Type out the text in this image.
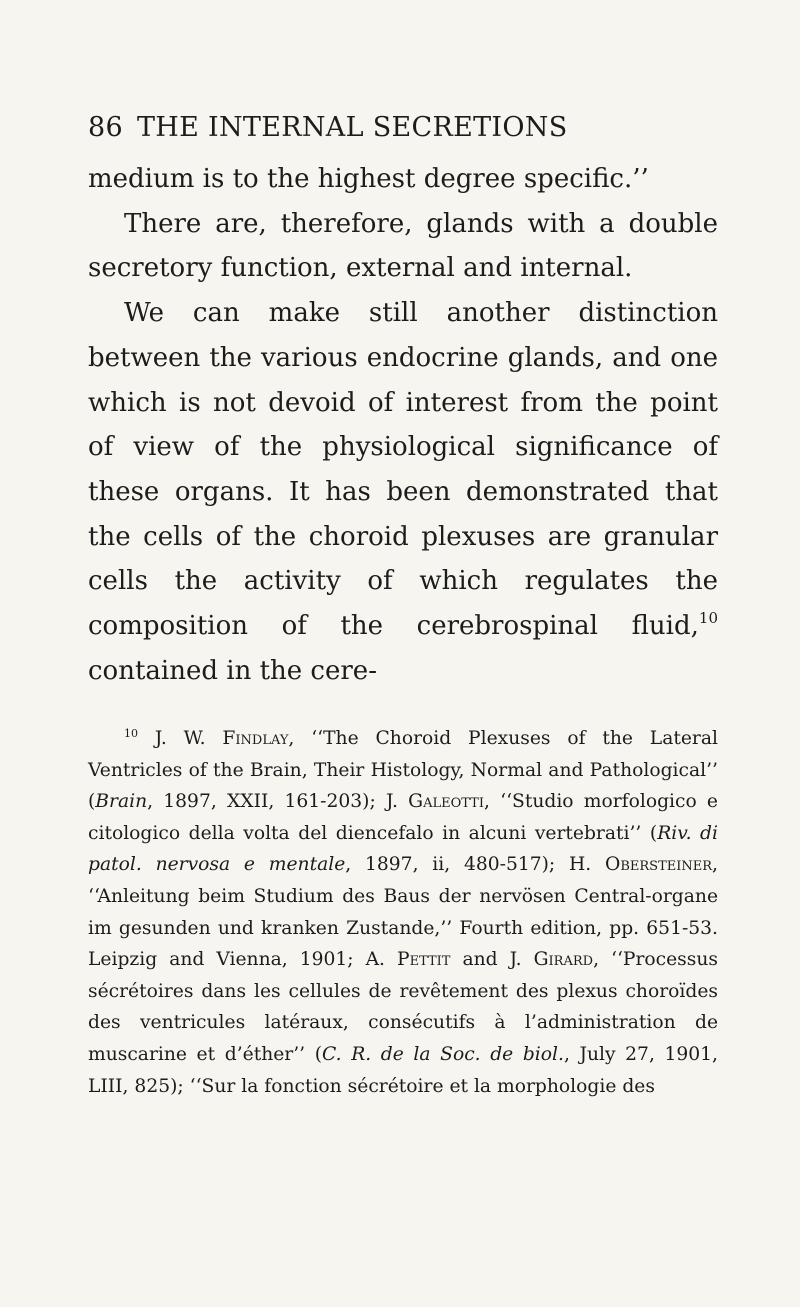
86 THE INTERNAL SECRETIONS

medium is to the highest degree specific.’’

There are, therefore, glands with a double secretory function, external and internal.

We can make still another distinction between the various endocrine glands, and one which is not devoid of interest from the point of view of the physiological significance of these organs. It has been demonstrated that the cells of the choroid plexuses are granular cells the activity of which regulates the composition of the cerebrospinal fluid,$^{10}$ contained in the cere-

$^{10}$ J. W. Findlay, ‘‘The Choroid Plexuses of the Lateral Ventricles of the Brain, Their Histology, Normal and Pathological’’ (Brain, 1897, XXII, 161-203); J. Galeotti, ‘‘Studio morfologico e citologico della volta del diencefalo in alcuni vertebrati’’ (Riv. di patol. nervosa e mentale, 1897, ii, 480-517); H. Obersteiner, ‘‘Anleitung beim Studium des Baus der nervösen Central-organe im gesunden und kranken Zustande,’’ Fourth edition, pp. 651-53. Leipzig and Vienna, 1901; A. Pettit and J. Girard, ‘‘Processus sécrétoires dans les cellules de revêtement des plexus choroïdes des ventricules latéraux, consécutifs à l’administration de muscarine et d’éther’’ (C. R. de la Soc. de biol., July 27, 1901, LIII, 825); ‘‘Sur la fonction sécrétoire et la morphologie des
